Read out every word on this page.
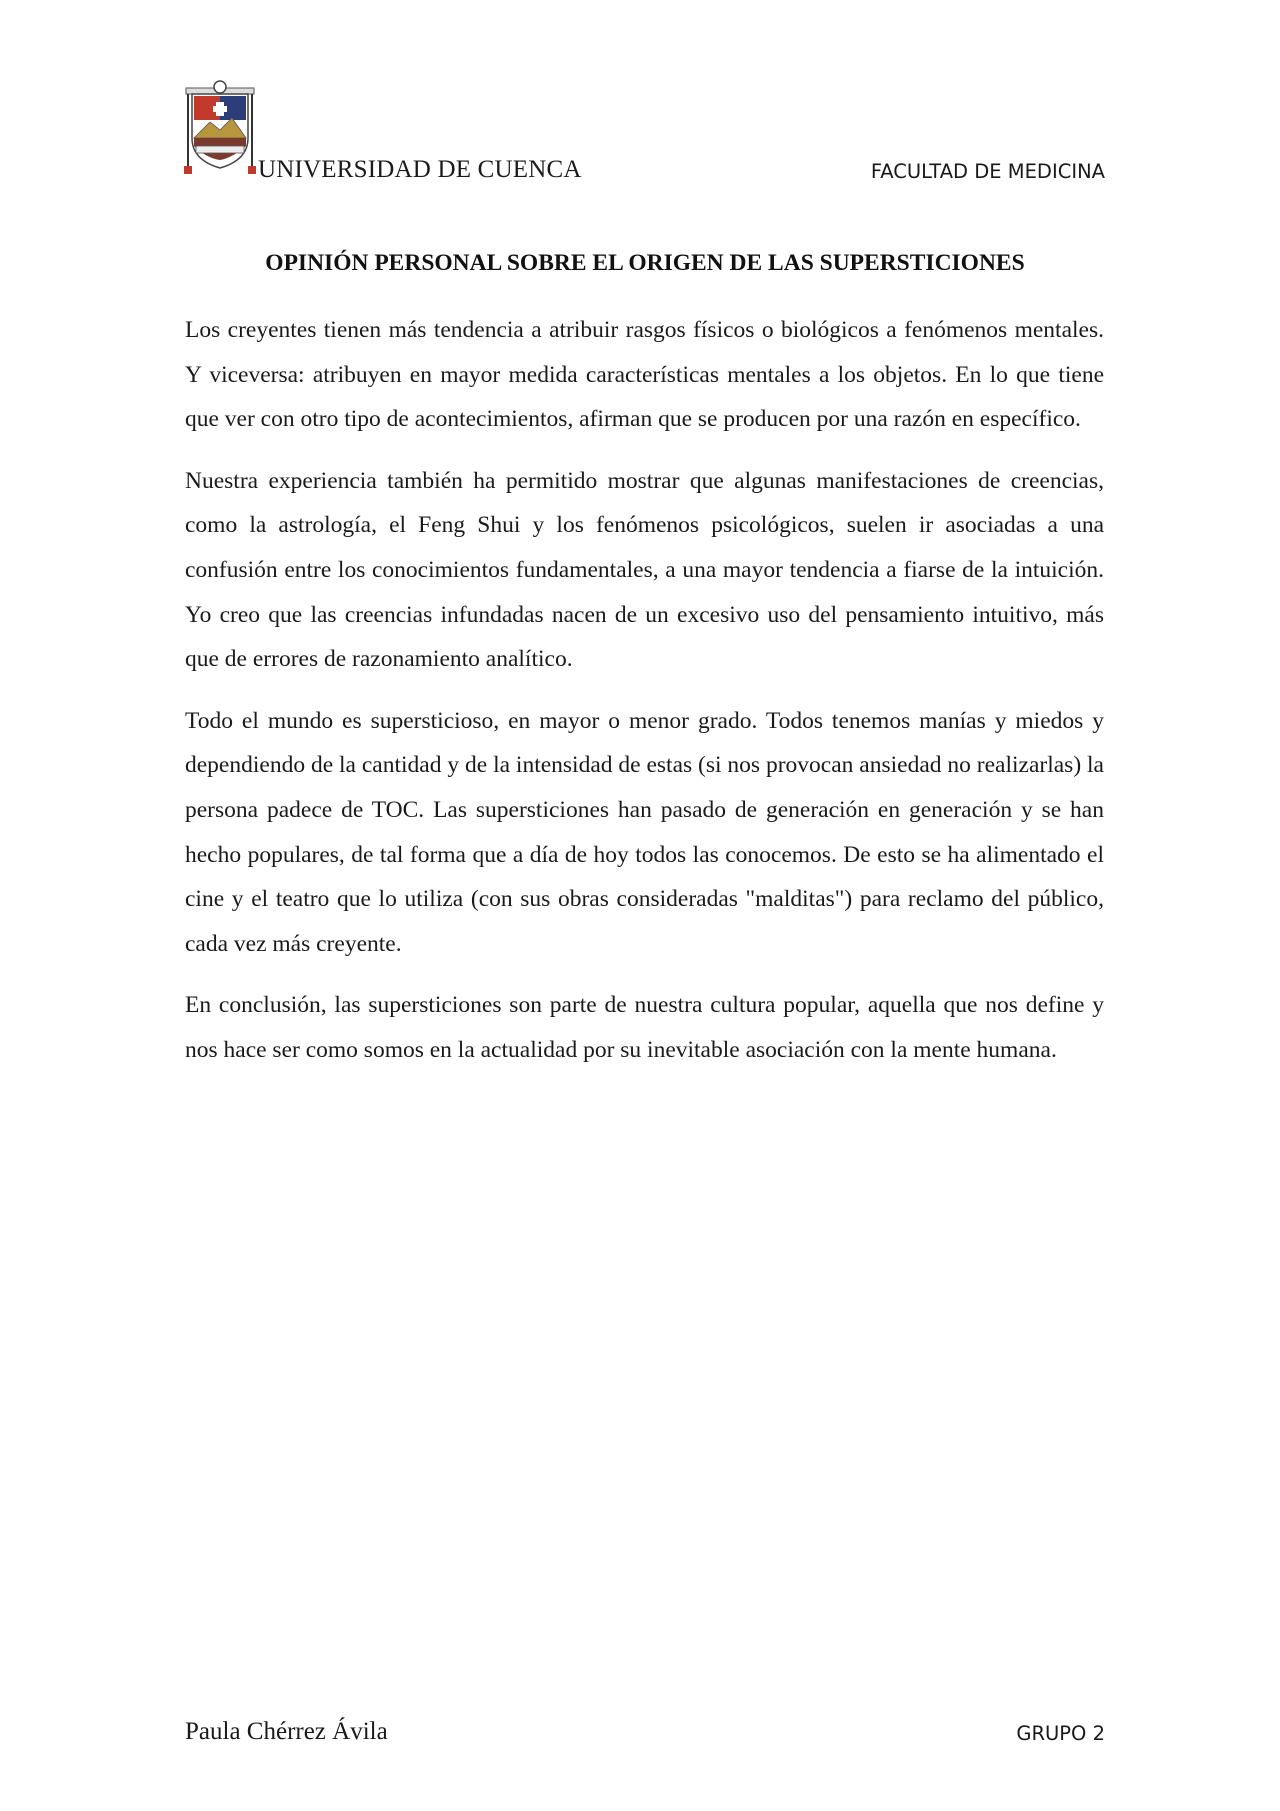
UNIVERSIDAD DE CUENCA	FACULTAD DE MEDICINA
OPINIÓN PERSONAL SOBRE EL ORIGEN DE LAS SUPERSTICIONES

Los creyentes tienen más tendencia a atribuir rasgos físicos o biológicos a fenómenos mentales. Y viceversa: atribuyen en mayor medida características mentales a los objetos. En lo que tiene que ver con otro tipo de acontecimientos, afirman que se producen por una razón en específico.

Nuestra experiencia también ha permitido mostrar que algunas manifestaciones de creencias, como la astrología, el Feng Shui y los fenómenos psicológicos, suelen ir asociadas a una confusión entre los conocimientos fundamentales, a una mayor tendencia a fiarse de la intuición. Yo creo que las creencias infundadas nacen de un excesivo uso del pensamiento intuitivo, más que de errores de razonamiento analítico.

Todo el mundo es supersticioso, en mayor o menor grado. Todos tenemos manías y miedos y dependiendo de la cantidad y de la intensidad de estas (si nos provocan ansiedad no realizarlas) la persona padece de TOC. Las supersticiones han pasado de generación en generación y se han hecho populares, de tal forma que a día de hoy todos las conocemos. De esto se ha alimentado el cine y el teatro que lo utiliza (con sus obras consideradas "malditas") para reclamo del público, cada vez más creyente.

En conclusión, las supersticiones son parte de nuestra cultura popular, aquella que nos define y nos hace ser como somos en la actualidad por su inevitable asociación con la mente humana.

Paula Chérrez Ávila	GRUPO 2
